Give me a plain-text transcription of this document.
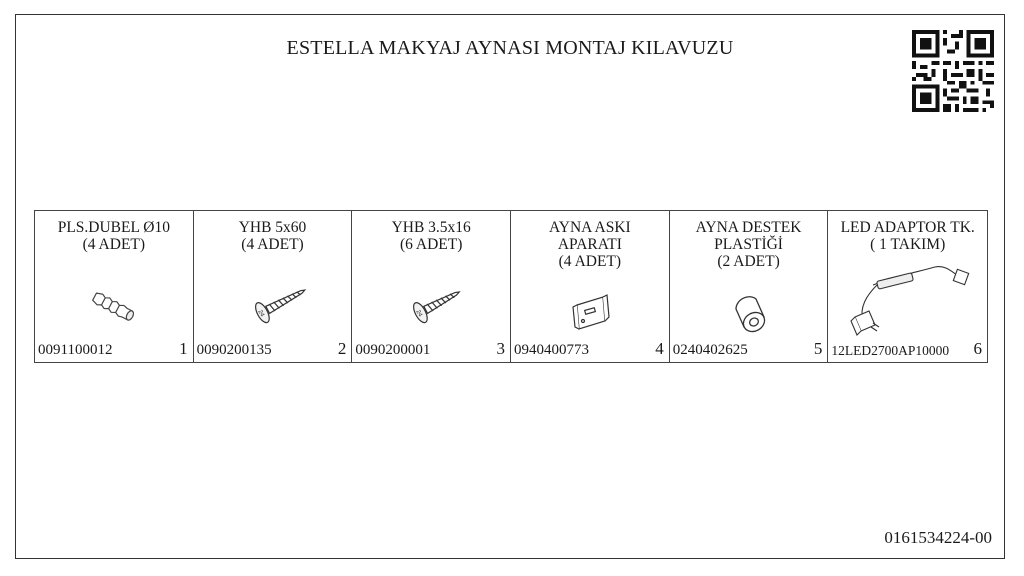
ESTELLA MAKYAJ AYNASI MONTAJ KILAVUZU
PLS.DUBEL Ø10
(4 ADET)
0091100012	1
YHB 5x60
(4 ADET)
24
0090200135	2
YHB 3.5x16
(6 ADET)
24
0090200001	3
AYNA ASKI
APARATI
(4 ADET)
0940400773	4
AYNA DESTEK
PLASTİĞİ
(2 ADET)
0240402625	5
LED ADAPTOR TK.
( 1 TAKIM)
12LED2700AP10000 6
0161534224-00
